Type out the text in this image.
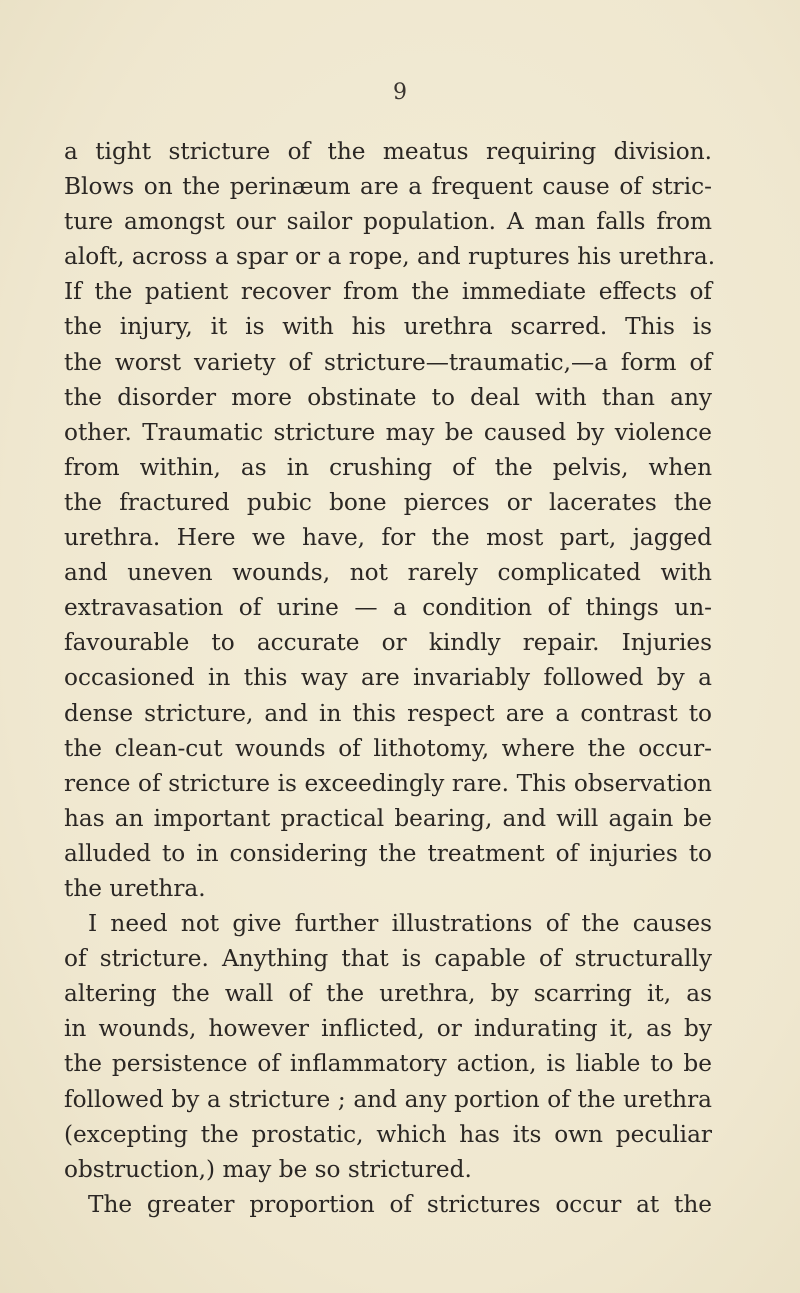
9
a tight stricture of the meatus requiring division.
Blows on the perinæum are a frequent cause of stric-
ture amongst our sailor population. A man falls from
aloft, across a spar or a rope, and ruptures his urethra.
If the patient recover from the immediate effects of
the injury, it is with his urethra scarred. This is
the worst variety of stricture—traumatic,—a form of
the disorder more obstinate to deal with than any
other. Traumatic stricture may be caused by violence
from within, as in crushing of the pelvis, when
the fractured pubic bone pierces or lacerates the
urethra. Here we have, for the most part, jagged
and uneven wounds, not rarely complicated with
extravasation of urine — a condition of things un-
favourable to accurate or kindly repair. Injuries
occasioned in this way are invariably followed by a
dense stricture, and in this respect are a contrast to
the clean-cut wounds of lithotomy, where the occur-
rence of stricture is exceedingly rare. This observation
has an important practical bearing, and will again be
alluded to in considering the treatment of injuries to
the urethra.
I need not give further illustrations of the causes
of stricture. Anything that is capable of structurally
altering the wall of the urethra, by scarring it, as
in wounds, however inflicted, or indurating it, as by
the persistence of inflammatory action, is liable to be
followed by a stricture ; and any portion of the urethra
(excepting the prostatic, which has its own peculiar
obstruction,) may be so strictured.
The greater proportion of strictures occur at the
